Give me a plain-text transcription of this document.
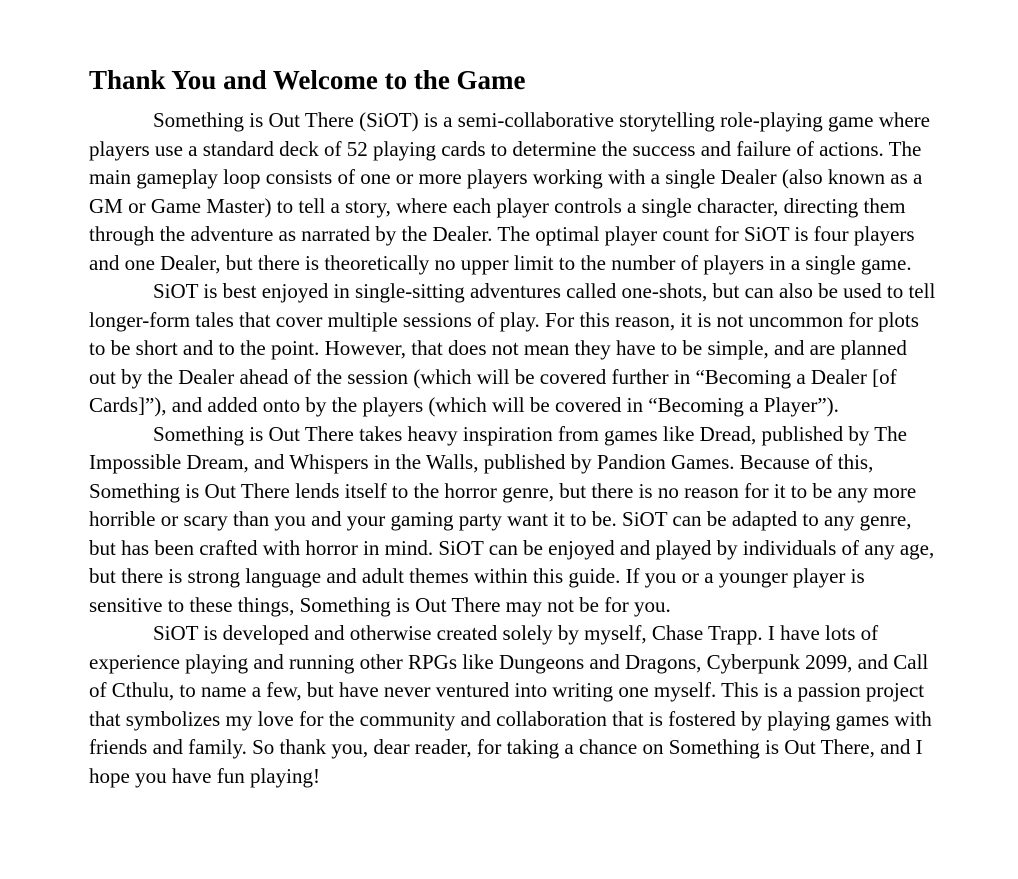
Thank You and Welcome to the Game

Something is Out There (SiOT) is a semi-collaborative storytelling role-playing game where players use a standard deck of 52 playing cards to determine the success and failure of actions. The main gameplay loop consists of one or more players working with a single Dealer (also known as a GM or Game Master) to tell a story, where each player controls a single character, directing them through the adventure as narrated by the Dealer. The optimal player count for SiOT is four players and one Dealer, but there is theoretically no upper limit to the number of players in a single game.

SiOT is best enjoyed in single-sitting adventures called one-shots, but can also be used to tell longer-form tales that cover multiple sessions of play. For this reason, it is not uncommon for plots to be short and to the point. However, that does not mean they have to be simple, and are planned out by the Dealer ahead of the session (which will be covered further in “Becoming a Dealer [of Cards]”), and added onto by the players (which will be covered in “Becoming a Player”).

Something is Out There takes heavy inspiration from games like Dread, published by The Impossible Dream, and Whispers in the Walls, published by Pandion Games. Because of this, Something is Out There lends itself to the horror genre, but there is no reason for it to be any more horrible or scary than you and your gaming party want it to be. SiOT can be adapted to any genre, but has been crafted with horror in mind. SiOT can be enjoyed and played by individuals of any age, but there is strong language and adult themes within this guide. If you or a younger player is sensitive to these things, Something is Out There may not be for you.

SiOT is developed and otherwise created solely by myself, Chase Trapp. I have lots of experience playing and running other RPGs like Dungeons and Dragons, Cyberpunk 2099, and Call of Cthulu, to name a few, but have never ventured into writing one myself. This is a passion project that symbolizes my love for the community and collaboration that is fostered by playing games with friends and family. So thank you, dear reader, for taking a chance on Something is Out There, and I hope you have fun playing!
